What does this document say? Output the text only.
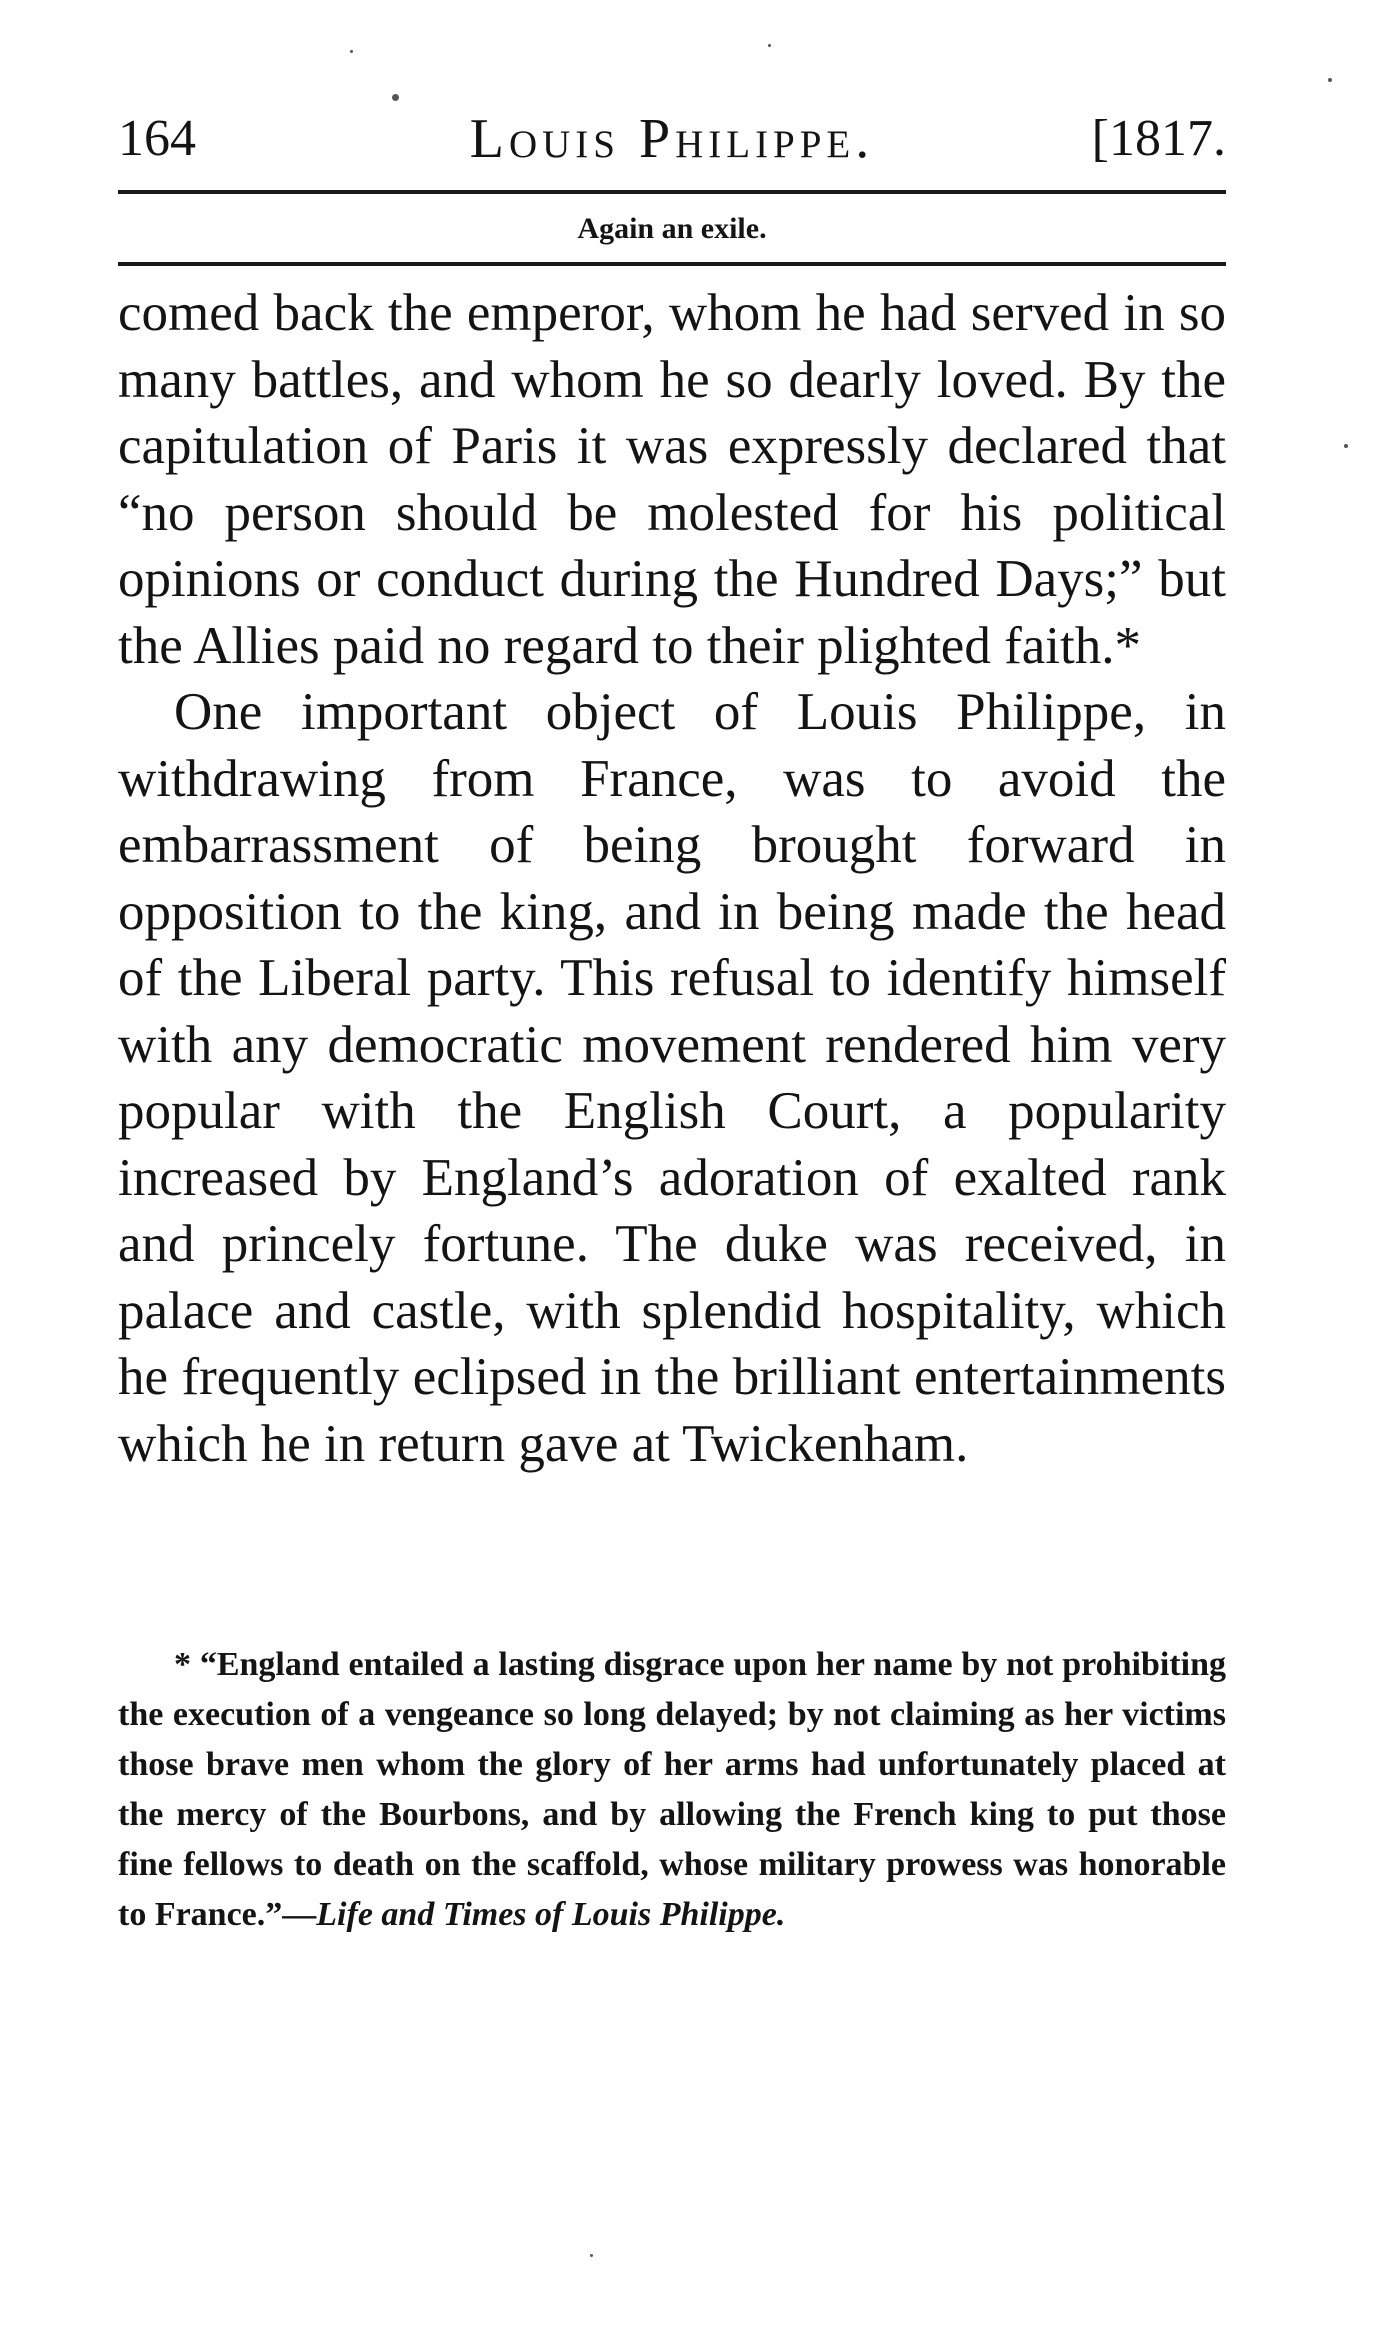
164	Louis Philippe.	[1817.
Again an exile.

comed back the emperor, whom he had served in so many battles, and whom he so dearly loved. By the capitulation of Paris it was expressly declared that “no person should be molested for his political opinions or conduct during the Hundred Days;” but the Allies paid no regard to their plighted faith.*

One important object of Louis Philippe, in withdrawing from France, was to avoid the embarrassment of being brought forward in opposition to the king, and in being made the head of the Liberal party. This refusal to identify himself with any democratic movement rendered him very popular with the English Court, a popularity increased by England’s adoration of exalted rank and princely fortune. The duke was received, in palace and castle, with splendid hospitality, which he frequently eclipsed in the brilliant entertainments which he in return gave at Twickenham.

* “England entailed a lasting disgrace upon her name by not prohibiting the execution of a vengeance so long delayed; by not claiming as her victims those brave men whom the glory of her arms had unfortunately placed at the mercy of the Bourbons, and by allowing the French king to put those fine fellows to death on the scaffold, whose military prowess was honorable to France.”—Life and Times of Louis Philippe.
